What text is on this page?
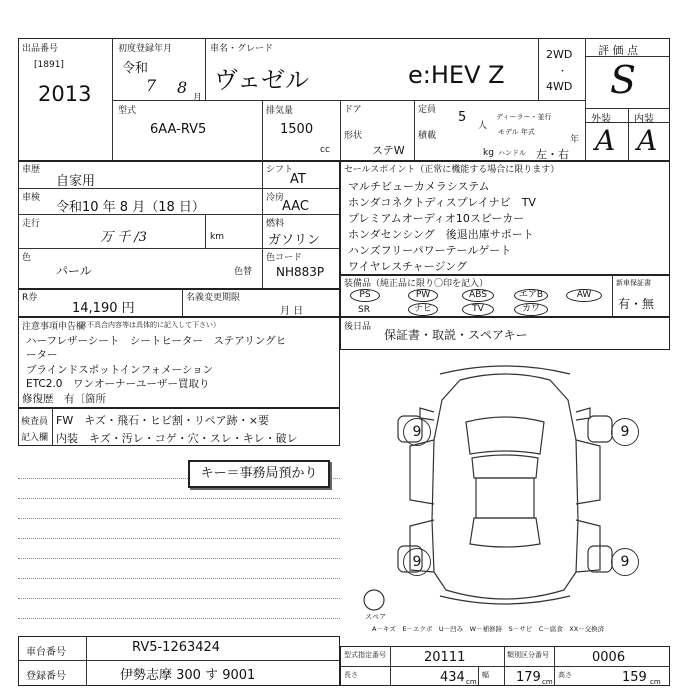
出品番号
[1891]
2013
初度登録年月
令和
7 8
月
車名・グレード
ヴェゼル	e:HEV Z
2WD
・
4WD
評 価 点
S
外装 内装
A A
型式
6AA-RV5
排気量
1500
cc
ドア	定員 5
人
ディーラー・並行
形状
ステW
積載
kg
モデル 年式
年
ハンドル 左・右
車歴
自家用
車検
令和10 年 8 月（18 日）
走行
万 千 /3	km
色
パール	色替
シフト
AT
冷房
AAC
燃料
ガソリン
色コード
NH883P
R券
14,190 円
名義変更期限
月 日
注意事項申告欄
（不具合内容等は具体的に記入して下さい）
ハーフレザーシート　シートヒーター　ステアリングヒ
ーター
ブラインドスポットインフォメーション
ETC2.0　ワンオーナーユーザー買取り
修復歴　有〔箇所
検査員
記入欄
FW　キズ・飛石・ヒビ割・リペア跡・×要
内装　キズ・汚レ・コゲ・穴・スレ・キレ・破レ
キー＝事務局預かり
セールスポイント（正常に機能する場合に限ります）
マルチビューカメラシステム
ホンダコネクトディスプレイナビ　TV
プレミアムオーディオ10スピーカー
ホンダセンシング　後退出庫サポート
ハンズフリーパワーテールゲート
ワイヤレスチャージング
装備品（純正品に限り〇印を記入）
PS	PW	ABS	エアB	AW
SR	ナビ	TV	カワ
新車保証書
有・無
後日品
保証書・取説・スペアキー
9	9
9	9
スペア
A－キズ　E－エクボ　U－凹み　W－補修跡　S－サビ　C－腐食　XX－交換済
車台番号	RV5-1263424
登録番号	伊勢志摩 300 す 9001
型式指定番号	20111	類別区分番号	0006
長さ	434 cm
幅 179 cm
高さ	159 cm
